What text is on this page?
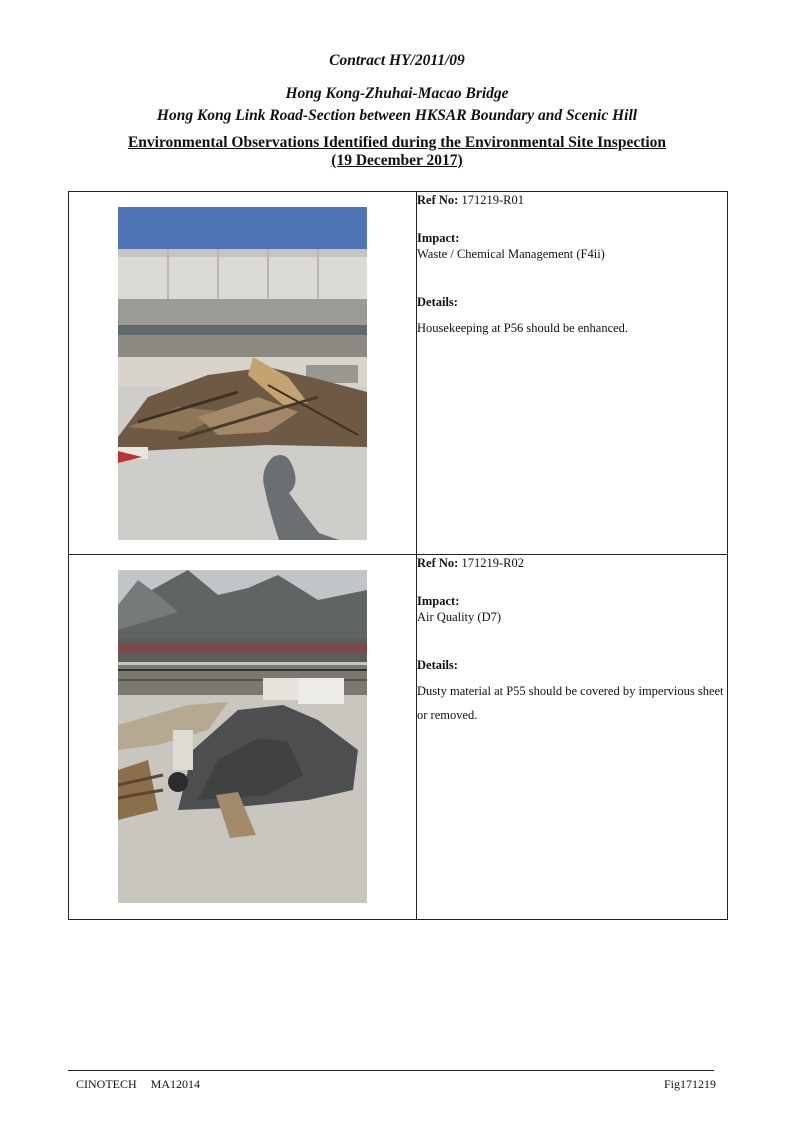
Contract HY/2011/09
Hong Kong-Zhuhai-Macao Bridge
Hong Kong Link Road-Section between HKSAR Boundary and Scenic Hill
Environmental Observations Identified during the Environmental Site Inspection
(19 December 2017)

Ref No: 171219-R01
Impact:
Waste / Chemical Management (F4ii)
Details:
Housekeeping at P56 should be enhanced.

Ref No: 171219-R02
Impact:
Air Quality (D7)
Details:
Dusty material at P55 should be covered by impervious sheet or removed.
CINOTECH MA12014	Fig171219
